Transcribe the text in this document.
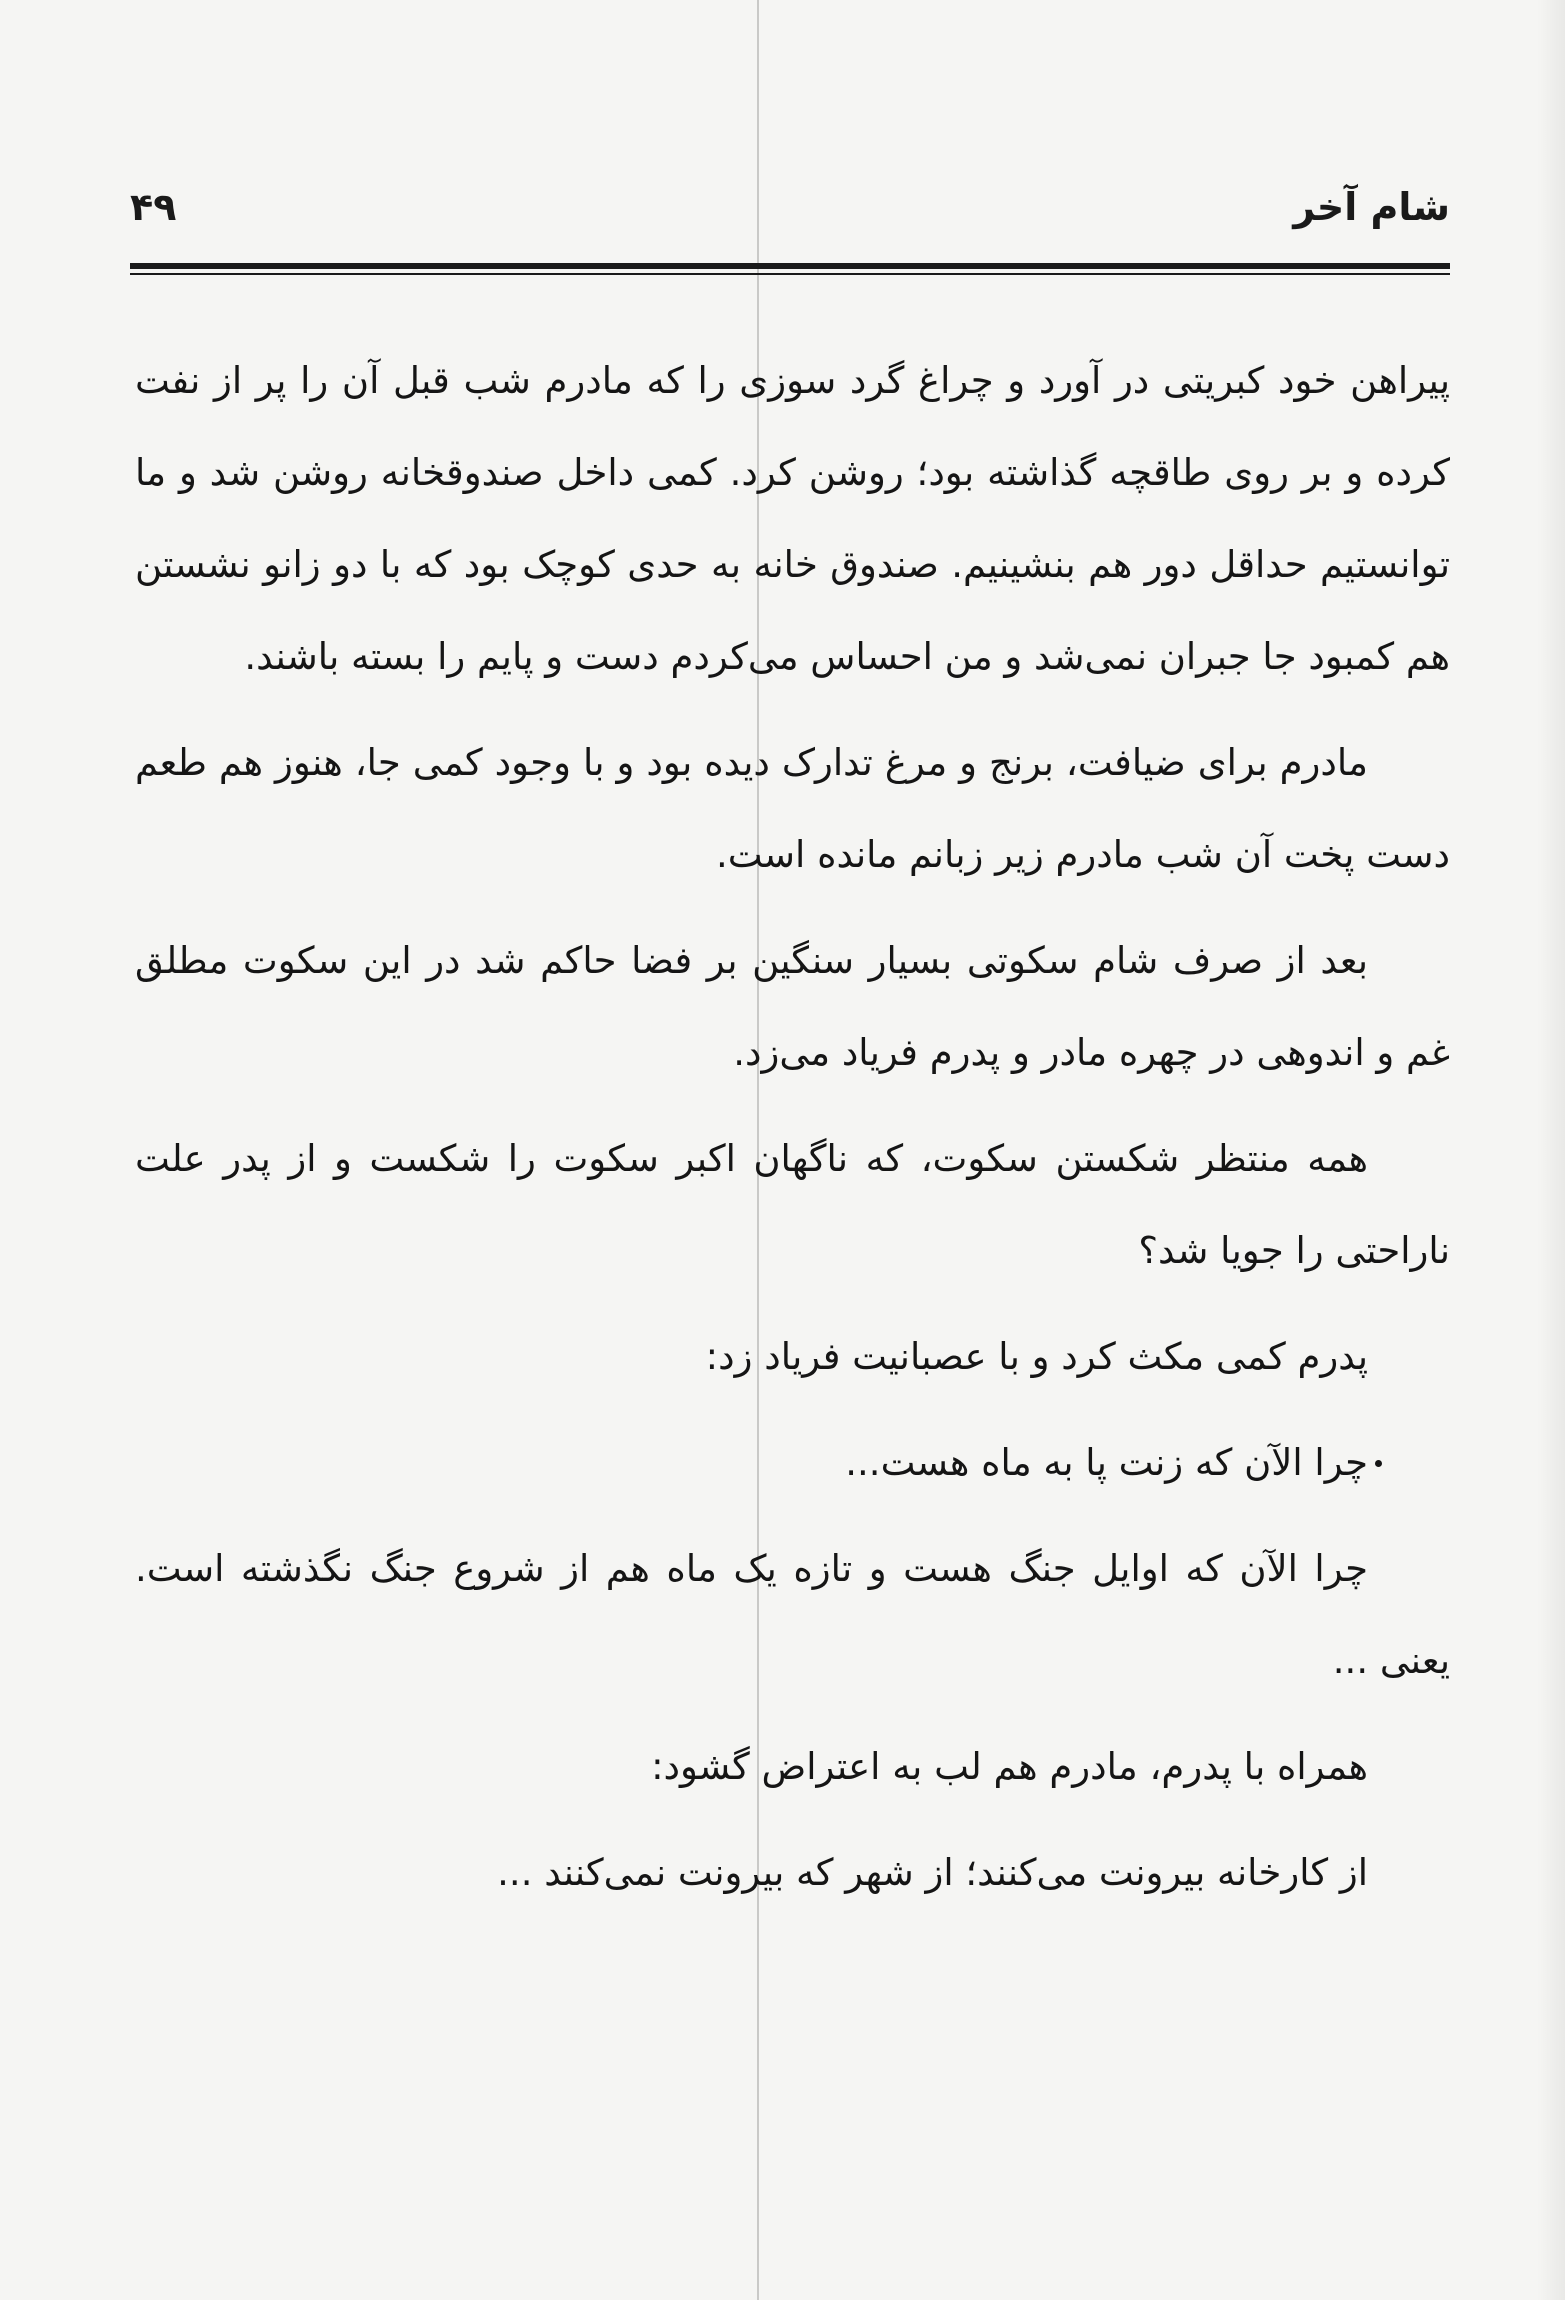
شام آخر
۴۹

پیراهن خود کبریتی در آورد و چراغ گرد سوزی را که مادرم شب قبل آن را پر از نفت کرده و بر روی طاقچه گذاشته بود؛ روشن کرد. کمی داخل صندوقخانه روشن شد و ما توانستیم حداقل دور هم بنشینیم. صندوق خانه به حدی کوچک بود که با دو زانو نشستن هم کمبود جا جبران نمی‌شد و من احساس می‌کردم دست و پایم را بسته باشند.

مادرم برای ضیافت، برنج و مرغ تدارک دیده بود و با وجود کمی جا، هنوز هم طعم دست پخت آن شب مادرم زیر زبانم مانده است.

بعد از صرف شام سکوتی بسیار سنگین بر فضا حاکم شد در این سکوت مطلق غم و اندوهی در چهره مادر و پدرم فریاد می‌زد.

همه منتظر شکستن سکوت، که ناگهان اکبر سکوت را شکست و از پدر علت ناراحتی را جویا شد؟

پدرم کمی مکث کرد و با عصبانیت فریاد زد:

چرا الآن که زنت پا به ماه هست...

چرا الآن که اوایل جنگ هست و تازه یک ماه هم از شروع جنگ نگذشته است. یعنی ...

همراه با پدرم، مادرم هم لب به اعتراض گشود:

از کارخانه بیرونت می‌کنند؛ از شهر که بیرونت نمی‌کنند ...
